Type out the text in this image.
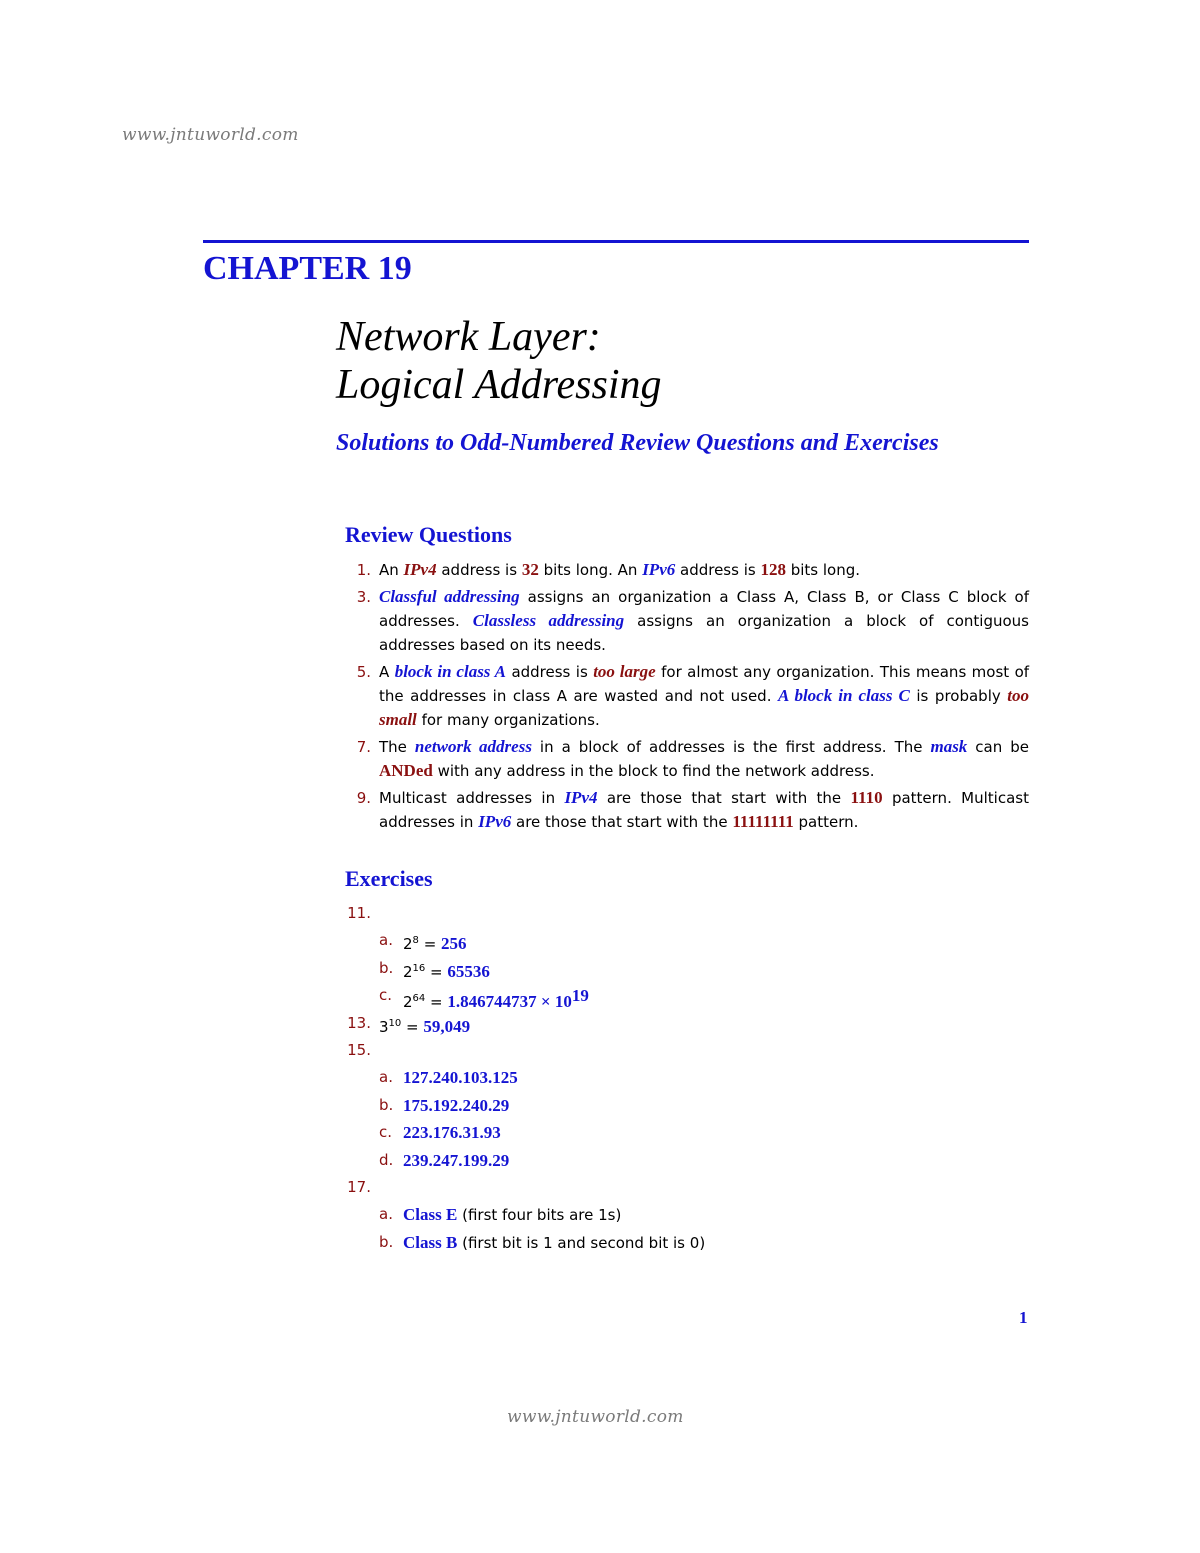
www.jntuworld.com
CHAPTER 19
Network Layer:
Logical Addressing
Solutions to Odd-Numbered Review Questions and Exercises
Review Questions
1. An IPv4 address is 32 bits long. An IPv6 address is 128 bits long.
3. Classful addressing assigns an organization a Class A, Class B, or Class C block of addresses. Classless addressing assigns an organization a block of contiguous addresses based on its needs.
5. A block in class A address is too large for almost any organization. This means most of the addresses in class A are wasted and not used. A block in class C is probably too small for many organizations.
7. The network address in a block of addresses is the first address. The mask can be ANDed with any address in the block to find the network address.
9. Multicast addresses in IPv4 are those that start with the 1110 pattern. Multicast addresses in IPv6 are those that start with the 11111111 pattern.
Exercises
11.
a. $2^8 = 256$
b. $2^{16} = 65536$
c. $2^{64} = 1.846744737 \times 10^{19}$
13. $3^{10} = 59,049$
15.
a. 127.240.103.125
b. 175.192.240.29
c. 223.176.31.93
d. 239.247.199.29
17.
a. Class E (first four bits are 1s)
b. Class B (first bit is 1 and second bit is 0)
1
www.jntuworld.com
